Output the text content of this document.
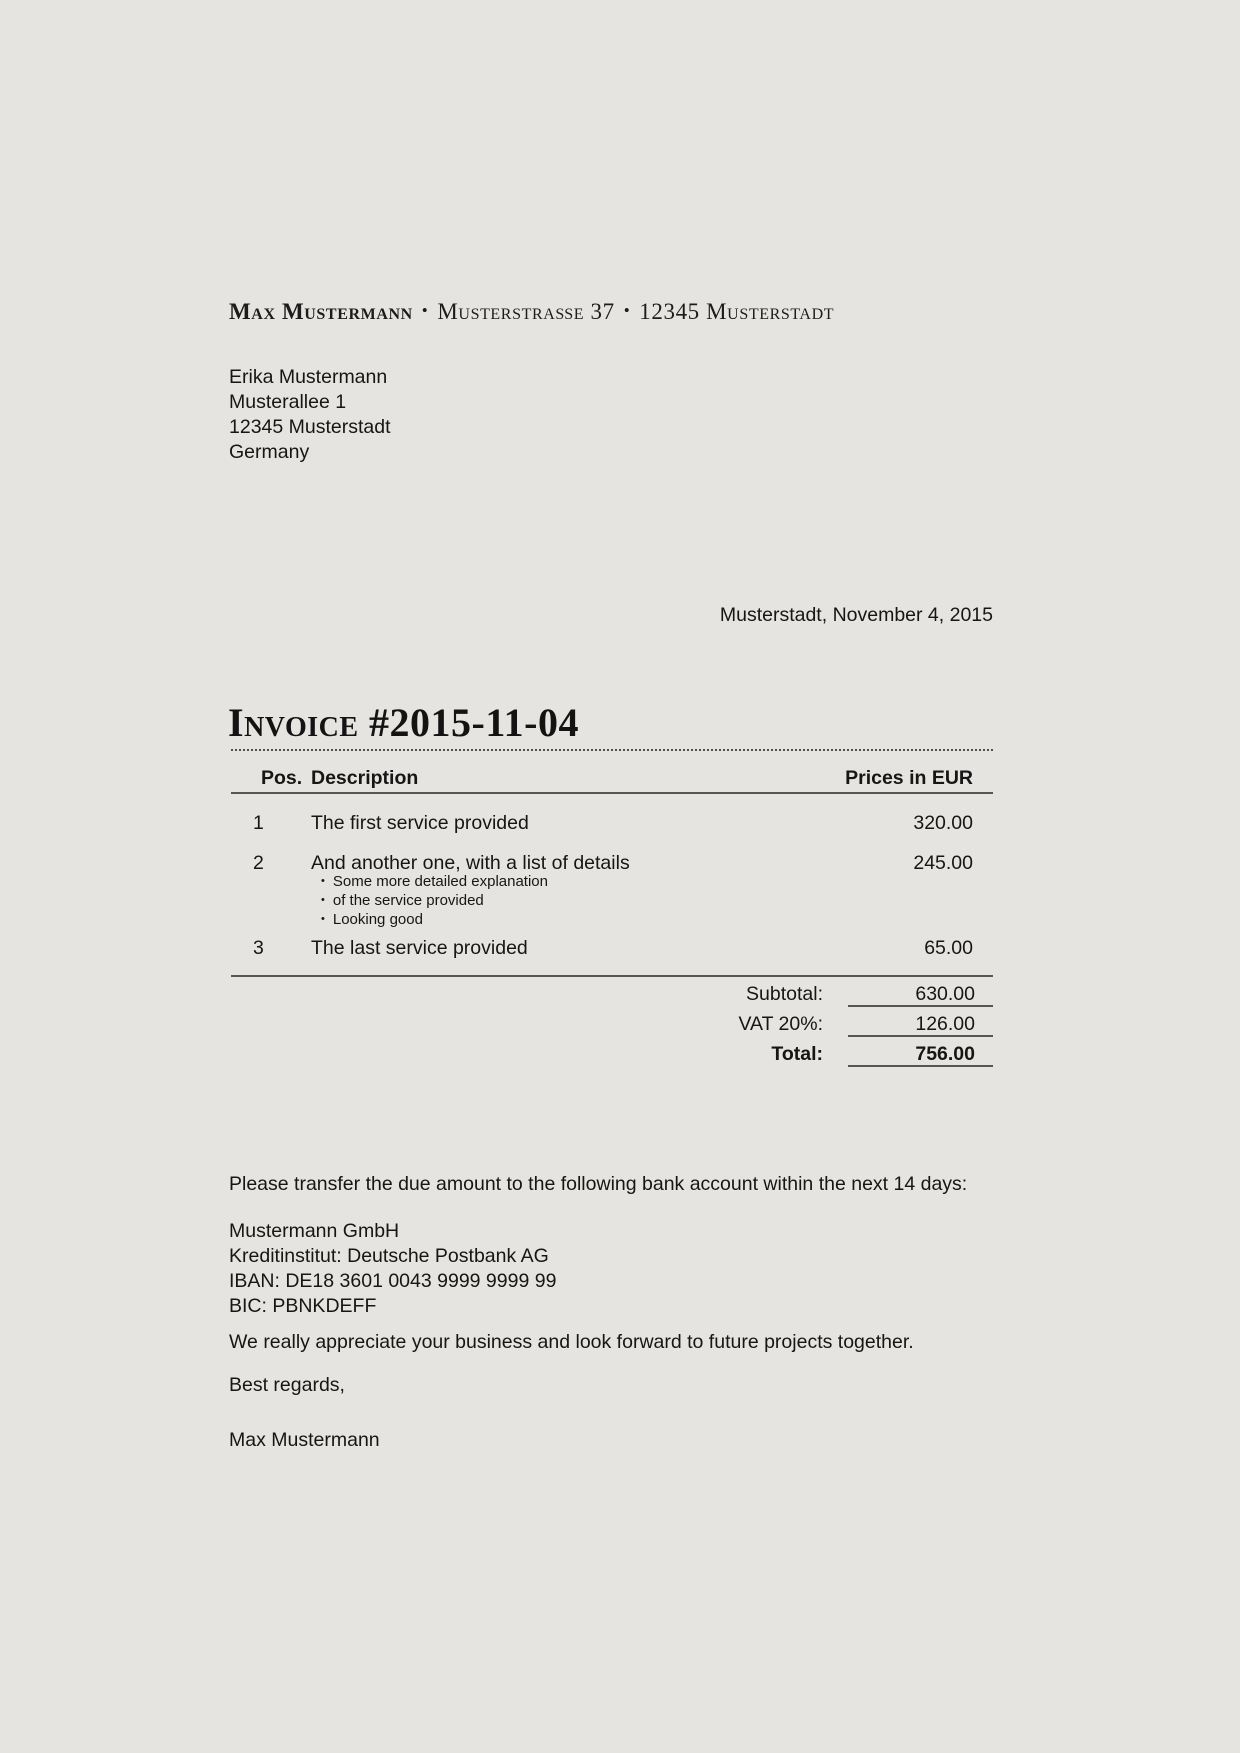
Max Mustermann • Musterstraße 37 • 12345 Musterstadt
Erika Mustermann
Musterallee 1
12345 Musterstadt
Germany
Musterstadt, November 4, 2015
Invoice #2015-11-04
Pos. Description	Prices in EUR
1 The first service provided	320.00
2 And another one, with a list of details	245.00
• Some more detailed explanation
• of the service provided
• Looking good
3 The last service provided	65.00
Subtotal:	630.00
VAT 20%:	126.00
Total:	756.00
Please transfer the due amount to the following bank account within the next 14 days:
Mustermann GmbH
Kreditinstitut: Deutsche Postbank AG
IBAN: DE18 3601 0043 9999 9999 99
BIC: PBNKDEFF
We really appreciate your business and look forward to future projects together.
Best regards,
Max Mustermann
